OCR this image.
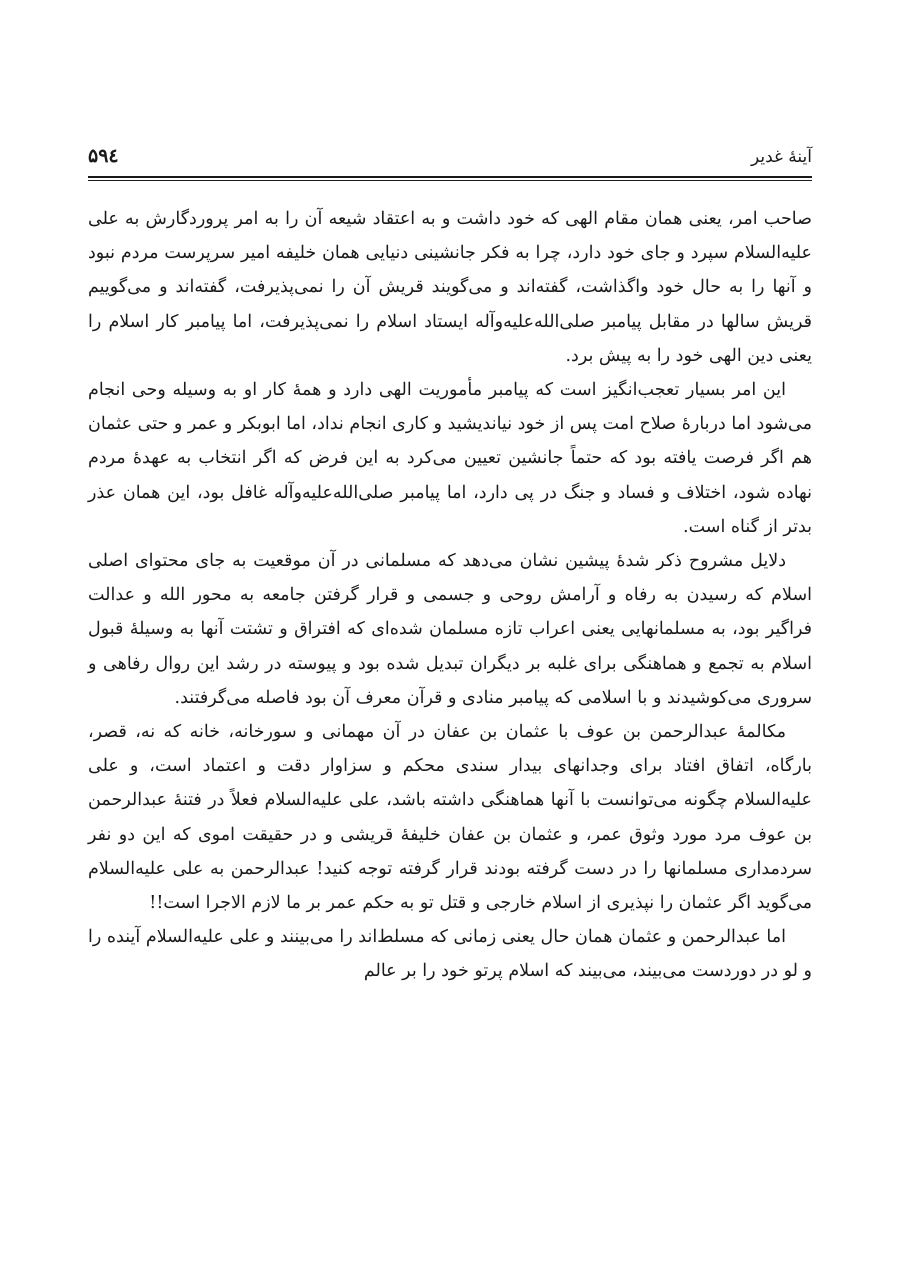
آینهٔ غدیر
۵۹٤

صاحب امر، یعنی همان مقام الهی که خود داشت و به اعتقاد شیعه آن را به امر پروردگارش به علی علیه‌السلام سپرد و جای خود دارد، چرا به فکر جانشینی دنیایی همان خلیفه امیر سرپرست مردم نبود و آنها را به حال خود واگذاشت، گفته‌اند و می‌گویند قریش آن را نمی‌پذیرفت، گفته‌اند و می‌گوییم قریش سالها در مقابل پیامبر صلی‌الله‌علیه‌وآله ایستاد اسلام را نمی‌پذیرفت، اما پیامبر کار اسلام را یعنی دین الهی خود را به پیش برد.

این امر بسیار تعجب‌انگیز است که پیامبر مأموریت الهی دارد و همهٔ کار او به وسیله وحی انجام می‌شود اما دربارهٔ صلاح امت پس از خود نیاندیشید و کاری انجام نداد، اما ابوبکر و عمر و حتی عثمان هم اگر فرصت یافته بود که حتماً جانشین تعیین می‌کرد به این فرض که اگر انتخاب به عهدهٔ مردم نهاده شود، اختلاف و فساد و جنگ در پی دارد، اما پیامبر صلی‌الله‌علیه‌وآله غافل بود، این همان عذر بدتر از گناه است.

دلایل مشروح ذکر شدهٔ پیشین نشان می‌دهد که مسلمانی در آن موقعیت به جای محتوای اصلی اسلام که رسیدن به رفاه و آرامش روحی و جسمی و قرار گرفتن جامعه به محور الله و عدالت فراگیر بود، به مسلمانهایی یعنی اعراب تازه مسلمان شده‌ای که افتراق و تشتت آنها به وسیلهٔ قبول اسلام به تجمع و هماهنگی برای غلبه بر دیگران تبدیل شده بود و پیوسته در رشد این روال رفاهی و سروری می‌کوشیدند و با اسلامی که پیامبر منادی و قرآن معرف آن بود فاصله می‌گرفتند.

مکالمهٔ عبدالرحمن بن عوف با عثمان بن عفان در آن مهمانی و سورخانه، خانه که نه، قصر، بارگاه، اتفاق افتاد برای وجدانهای بیدار سندی محکم و سزاوار دقت و اعتماد است، و علی علیه‌السلام چگونه می‌توانست با آنها هماهنگی داشته باشد، علی علیه‌السلام فعلاً در فتنهٔ عبدالرحمن بن عوف مرد مورد وثوق عمر، و عثمان بن عفان خلیفهٔ قریشی و در حقیقت اموی که این دو نفر سردمداری مسلمانها را در دست گرفته بودند قرار گرفته توجه کنید! عبدالرحمن به علی علیه‌السلام می‌گوید اگر عثمان را نپذیری از اسلام خارجی و قتل تو به حکم عمر بر ما لازم الاجرا است!!

اما عبدالرحمن و عثمان همان حال یعنی زمانی که مسلط‌اند را می‌بینند و علی علیه‌السلام آینده را و لو در دوردست می‌بیند، می‌بیند که اسلام پرتو خود را بر عالم
